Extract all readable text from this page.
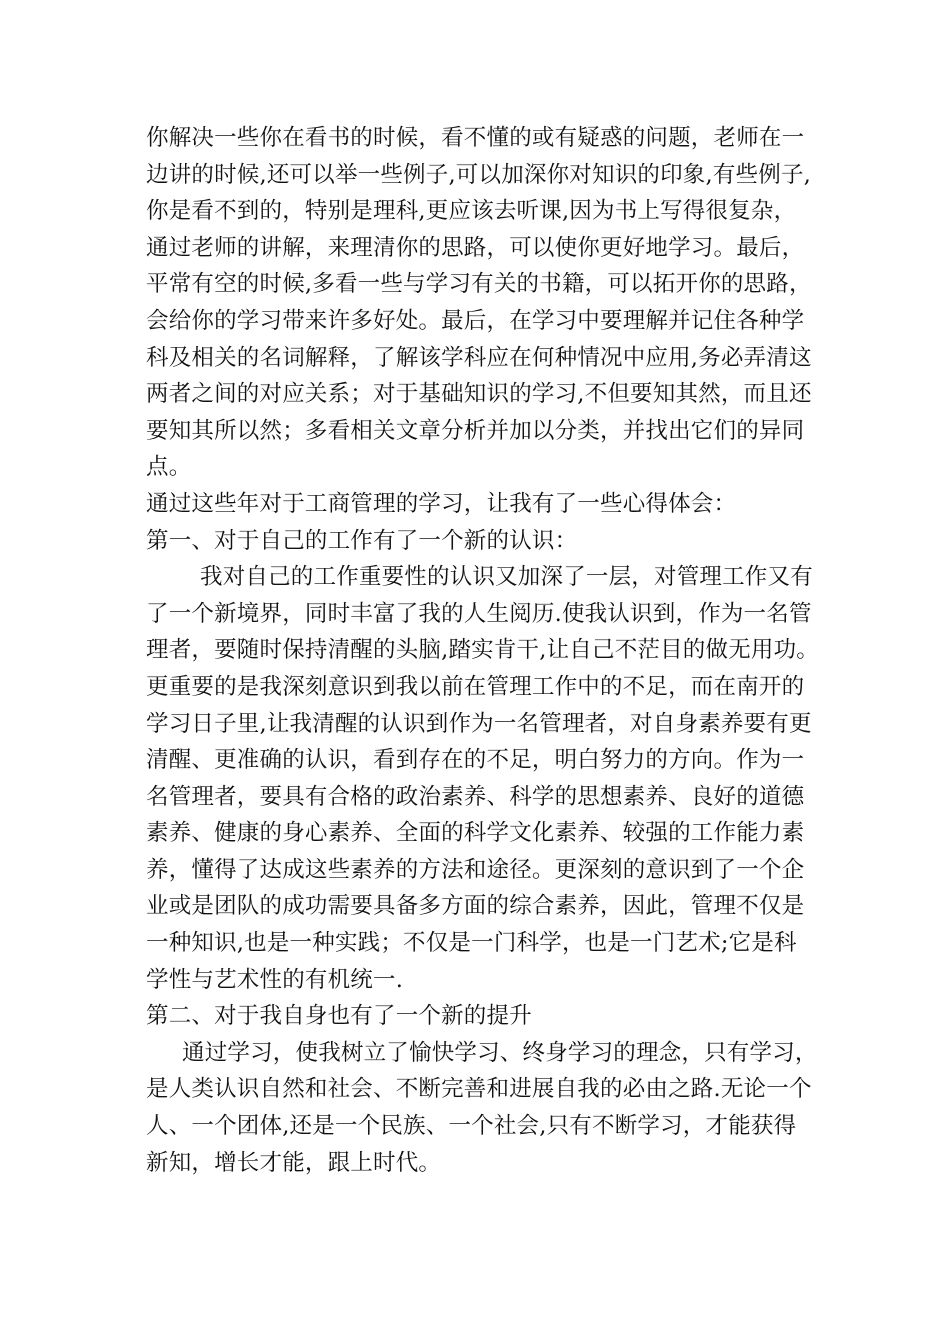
你解决一些你在看书的时候，看不懂的或有疑惑的问题，老师在一
边讲的时候,还可以举一些例子,可以加深你对知识的印象,有些例子,
你是看不到的，特别是理科,更应该去听课,因为书上写得很复杂，
通过老师的讲解，来理清你的思路，可以使你更好地学习。最后，
平常有空的时候,多看一些与学习有关的书籍，可以拓开你的思路，
会给你的学习带来许多好处。最后，在学习中要理解并记住各种学
科及相关的名词解释，了解该学科应在何种情况中应用,务必弄清这
两者之间的对应关系；对于基础知识的学习,不但要知其然，而且还
要知其所以然；多看相关文章分析并加以分类，并找出它们的异同
点。
通过这些年对于工商管理的学习，让我有了一些心得体会：
第一、对于自己的工作有了一个新的认识：
我对自己的工作重要性的认识又加深了一层，对管理工作又有
了一个新境界，同时丰富了我的人生阅历.使我认识到，作为一名管
理者，要随时保持清醒的头脑,踏实肯干,让自己不茫目的做无用功。
更重要的是我深刻意识到我以前在管理工作中的不足，而在南开的
学习日子里,让我清醒的认识到作为一名管理者，对自身素养要有更
清醒、更准确的认识，看到存在的不足，明白努力的方向。作为一
名管理者，要具有合格的政治素养、科学的思想素养、良好的道德
素养、健康的身心素养、全面的科学文化素养、较强的工作能力素
养，懂得了达成这些素养的方法和途径。更深刻的意识到了一个企
业或是团队的成功需要具备多方面的综合素养，因此，管理不仅是
一种知识,也是一种实践；不仅是一门科学，也是一门艺术;它是科
学性与艺术性的有机统一.
第二、对于我自身也有了一个新的提升
通过学习，使我树立了愉快学习、终身学习的理念，只有学习，
是人类认识自然和社会、不断完善和进展自我的必由之路.无论一个
人、一个团体,还是一个民族、一个社会,只有不断学习，才能获得
新知，增长才能，跟上时代。
